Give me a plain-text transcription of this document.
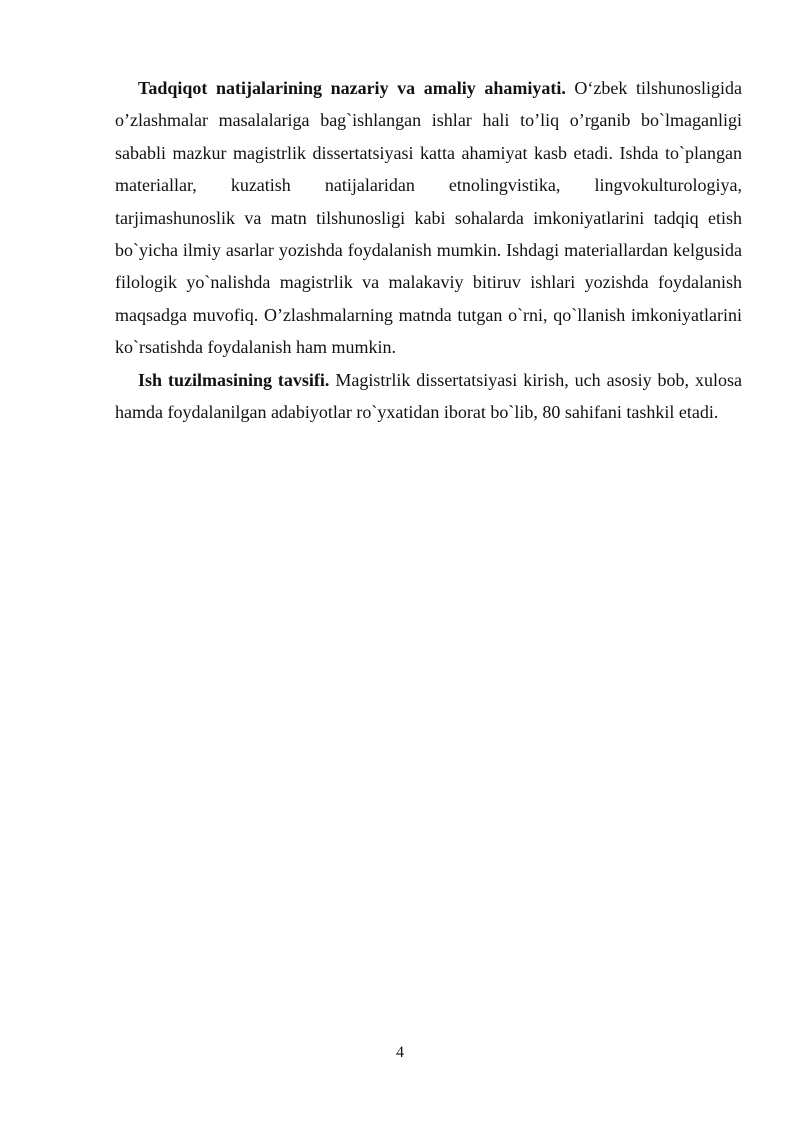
Tadqiqot natijalarining nazariy va amaliy ahamiyati. O‘zbek tilshunosligida o’zlashmalar masalalariga bag`ishlangan ishlar hali to’liq o’rganib bo`lmaganligi sababli mazkur magistrlik dissertatsiyasi katta ahamiyat kasb etadi. Ishda to`plangan materiallar, kuzatish natijalaridan etnolingvistika, lingvokulturologiya, tarjimashunoslik va matn tilshunosligi kabi sohalarda imkoniyatlarini tadqiq etish bo`yicha ilmiy asarlar yozishda foydalanish mumkin. Ishdagi materiallardan kelgusida filologik yo`nalishda magistrlik va malakaviy bitiruv ishlari yozishda foydalanish maqsadga muvofiq. O’zlashmalarning matnda tutgan o`rni, qo`llanish imkoniyatlarini ko`rsatishda foydalanish ham mumkin.

Ish tuzilmasining tavsifi. Magistrlik dissertatsiyasi kirish, uch asosiy bob, xulosa hamda foydalanilgan adabiyotlar ro`yxatidan iborat bo`lib, 80 sahifani tashkil etadi.

4
